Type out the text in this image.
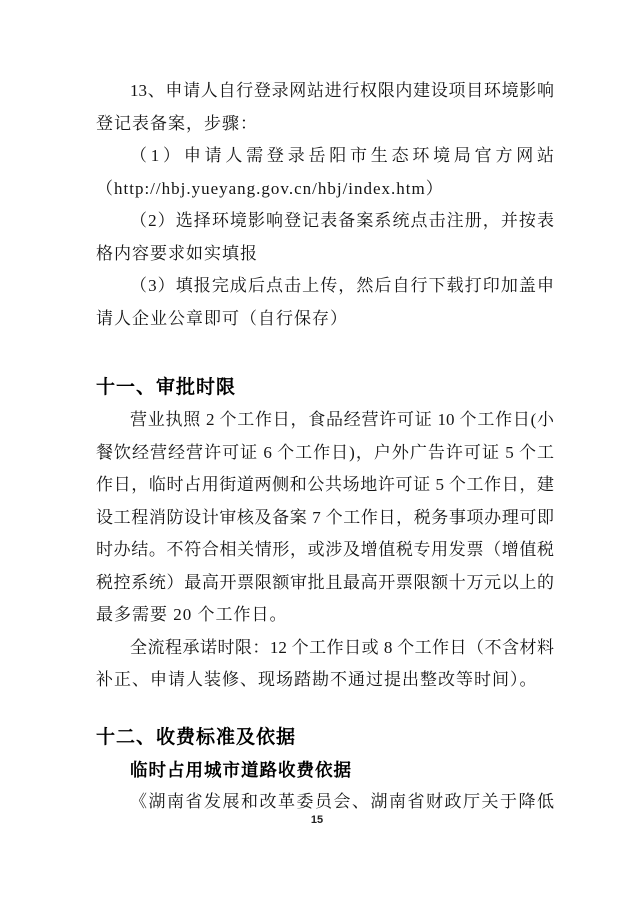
13、申请人自行登录网站进行权限内建设项目环境影响
登记表备案，步骤：
（1）申请人需登录岳阳市生态环境局官方网站
（http://hbj.yueyang.gov.cn/hbj/index.htm）
（2）选择环境影响登记表备案系统点击注册，并按表
格内容要求如实填报
（3）填报完成后点击上传，然后自行下载打印加盖申
请人企业公章即可（自行保存）
十一、审批时限
营业执照 2 个工作日，食品经营许可证 10 个工作日(小
餐饮经营经营许可证 6 个工作日)，户外广告许可证 5 个工
作日，临时占用街道两侧和公共场地许可证 5 个工作日，建
设工程消防设计审核及备案 7 个工作日，税务事项办理可即
时办结。不符合相关情形，或涉及增值税专用发票（增值税
税控系统）最高开票限额审批且最高开票限额十万元以上的
最多需要 20 个工作日。
全流程承诺时限：12 个工作日或 8 个工作日（不含材料
补正、申请人装修、现场踏勘不通过提出整改等时间）。
十二、收费标准及依据
临时占用城市道路收费依据
《湖南省发展和改革委员会、湖南省财政厅关于降低
15
